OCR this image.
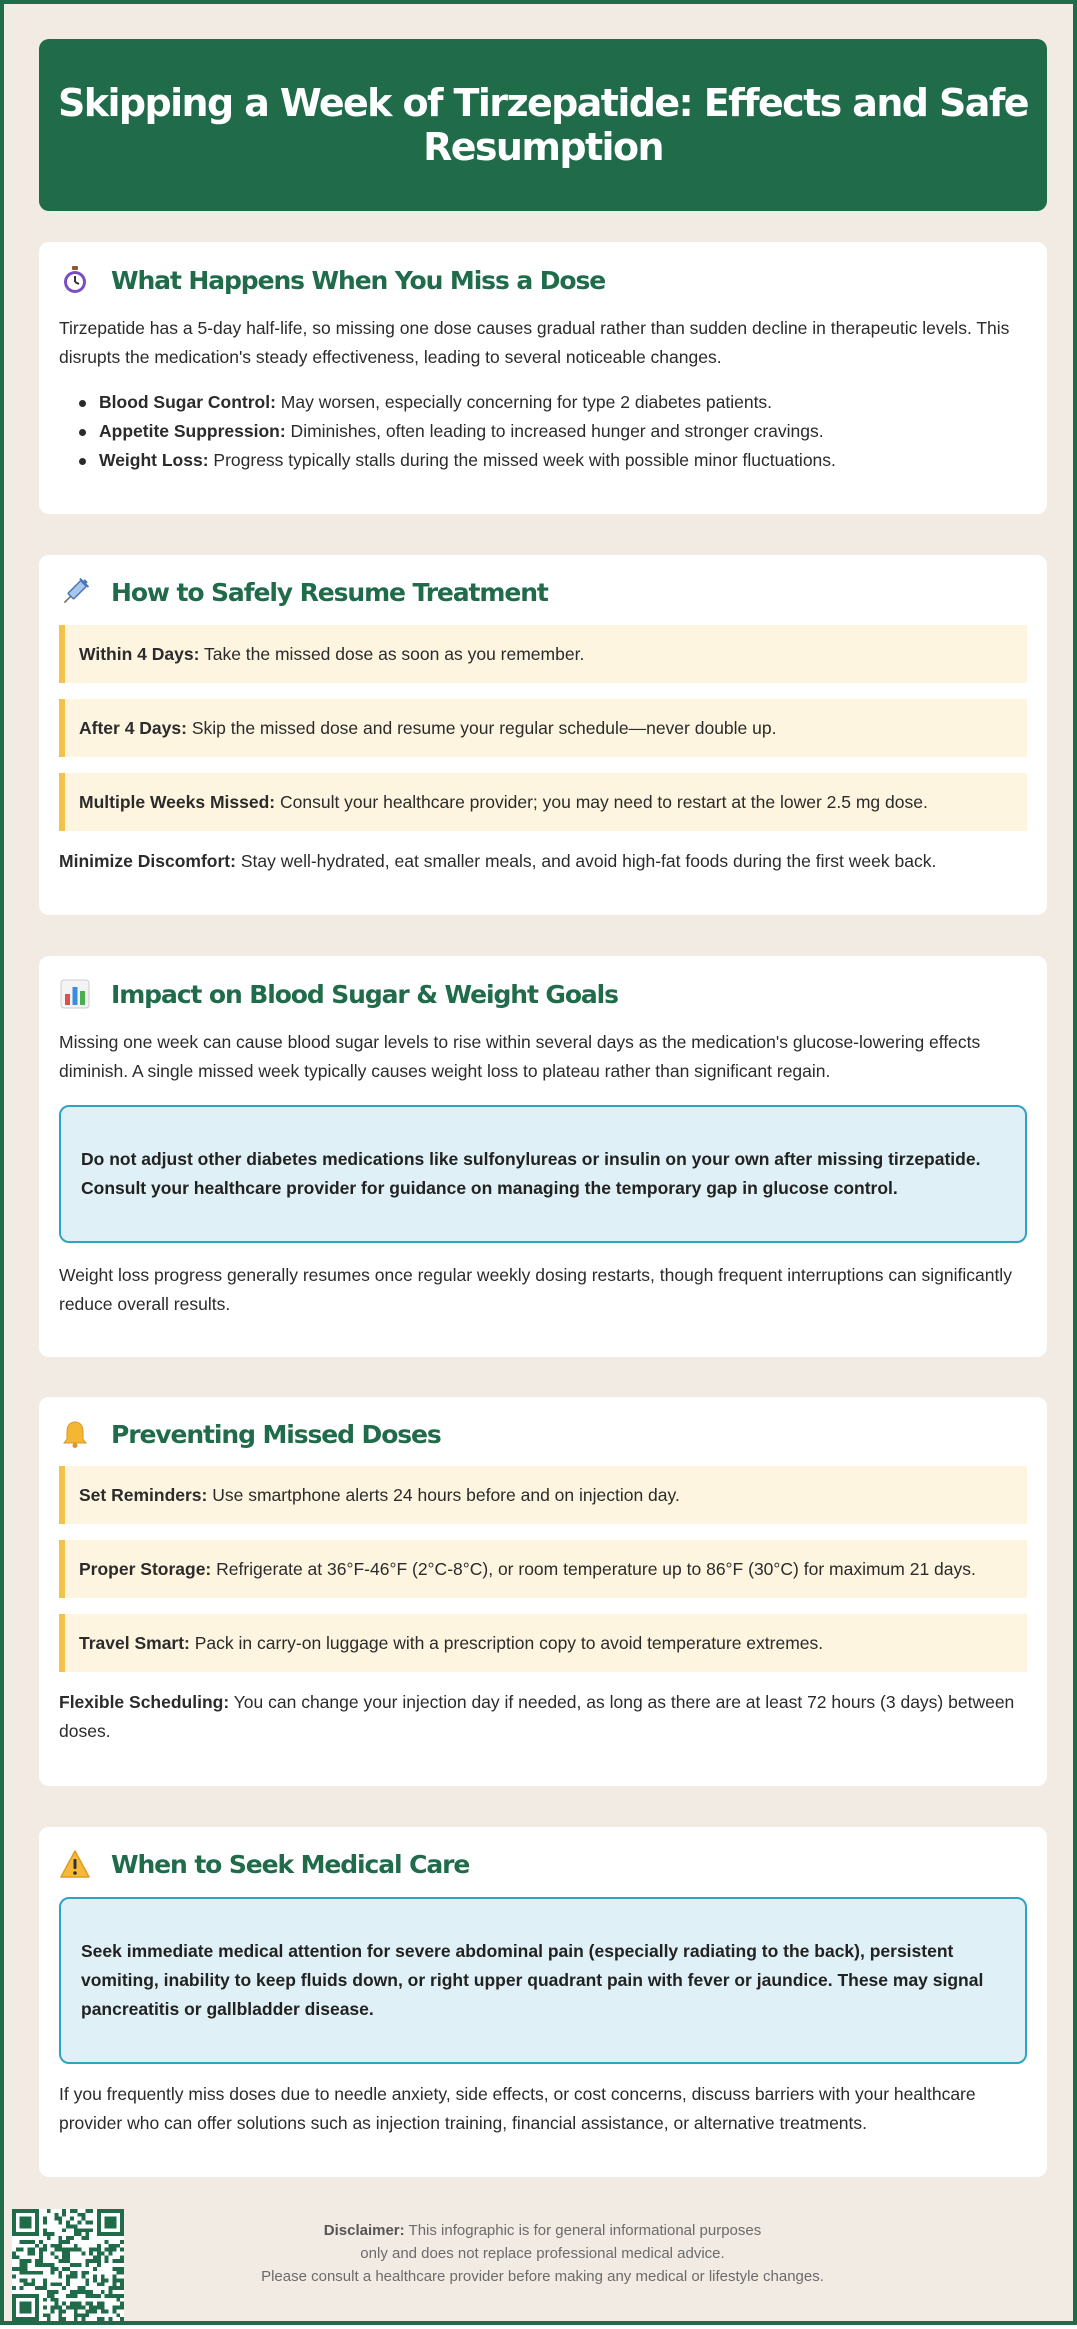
Skipping a Week of Tirzepatide: Effects and Safe Resumption
What Happens When You Miss a Dose

Tirzepatide has a 5-day half-life, so missing one dose causes gradual rather than sudden decline in therapeutic levels. This disrupts the medication's steady effectiveness, leading to several noticeable changes.

Blood Sugar Control: May worsen, especially concerning for type 2 diabetes patients.
Appetite Suppression: Diminishes, often leading to increased hunger and stronger cravings.
Weight Loss: Progress typically stalls during the missed week with possible minor fluctuations.
How to Safely Resume Treatment
Within 4 Days: Take the missed dose as soon as you remember.
After 4 Days: Skip the missed dose and resume your regular schedule—never double up.
Multiple Weeks Missed: Consult your healthcare provider; you may need to restart at the lower 2.5 mg dose.

Minimize Discomfort: Stay well-hydrated, eat smaller meals, and avoid high-fat foods during the first week back.

Impact on Blood Sugar & Weight Goals

Missing one week can cause blood sugar levels to rise within several days as the medication's glucose-lowering effects diminish. A single missed week typically causes weight loss to plateau rather than significant regain.

Do not adjust other diabetes medications like sulfonylureas or insulin on your own after missing tirzepatide. Consult your healthcare provider for guidance on managing the temporary gap in glucose control.

Weight loss progress generally resumes once regular weekly dosing restarts, though frequent interruptions can significantly reduce overall results.

Preventing Missed Doses
Set Reminders: Use smartphone alerts 24 hours before and on injection day.
Proper Storage: Refrigerate at 36°F-46°F (2°C-8°C), or room temperature up to 86°F (30°C) for maximum 21 days.
Travel Smart: Pack in carry-on luggage with a prescription copy to avoid temperature extremes.

Flexible Scheduling: You can change your injection day if needed, as long as there are at least 72 hours (3 days) between doses.

When to Seek Medical Care
Seek immediate medical attention for severe abdominal pain (especially radiating to the back), persistent vomiting, inability to keep fluids down, or right upper quadrant pain with fever or jaundice. These may signal pancreatitis or gallbladder disease.

If you frequently miss doses due to needle anxiety, side effects, or cost concerns, discuss barriers with your healthcare provider who can offer solutions such as injection training, financial assistance, or alternative treatments.

Disclaimer: This infographic is for general informational purposes
only and does not replace professional medical advice.
Please consult a healthcare provider before making any medical or lifestyle changes.
